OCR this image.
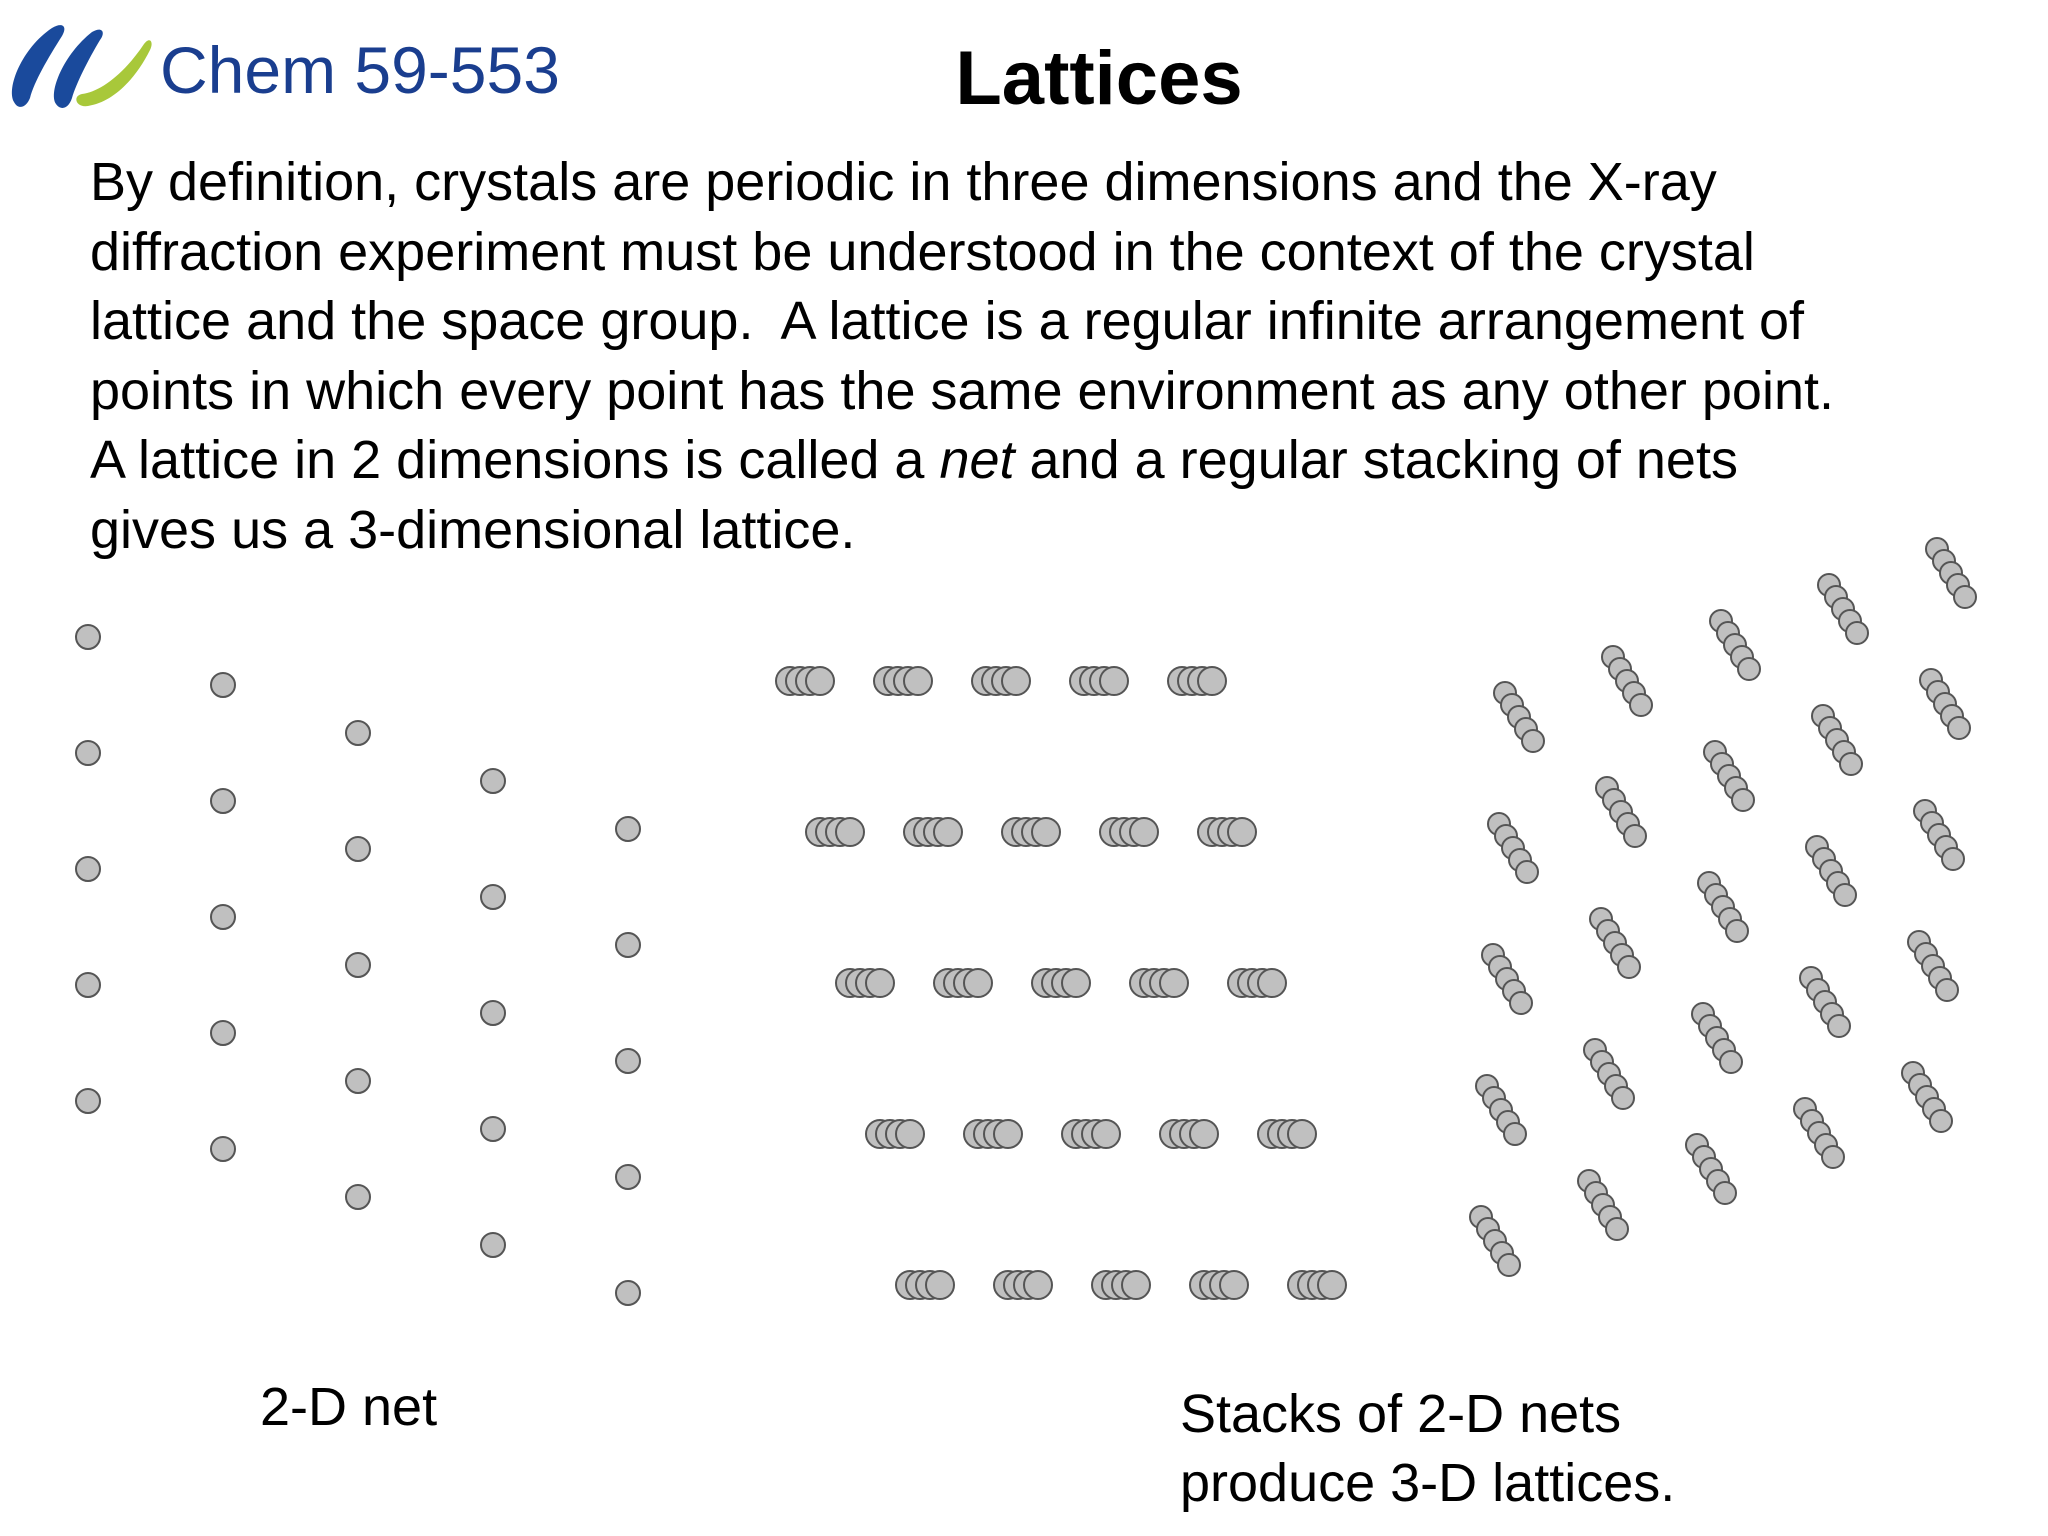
Chem 59-553	Lattices
By definition, crystals are periodic in three dimensions and the X-ray
diffraction experiment must be understood in the context of the crystal
lattice and the space group.  A lattice is a regular infinite arrangement of
points in which every point has the same environment as any other point.
A lattice in 2 dimensions is called a net and a regular stacking of nets
gives us a 3-dimensional lattice.
2-D net	Stacks of 2-D nets
produce 3-D lattices.
